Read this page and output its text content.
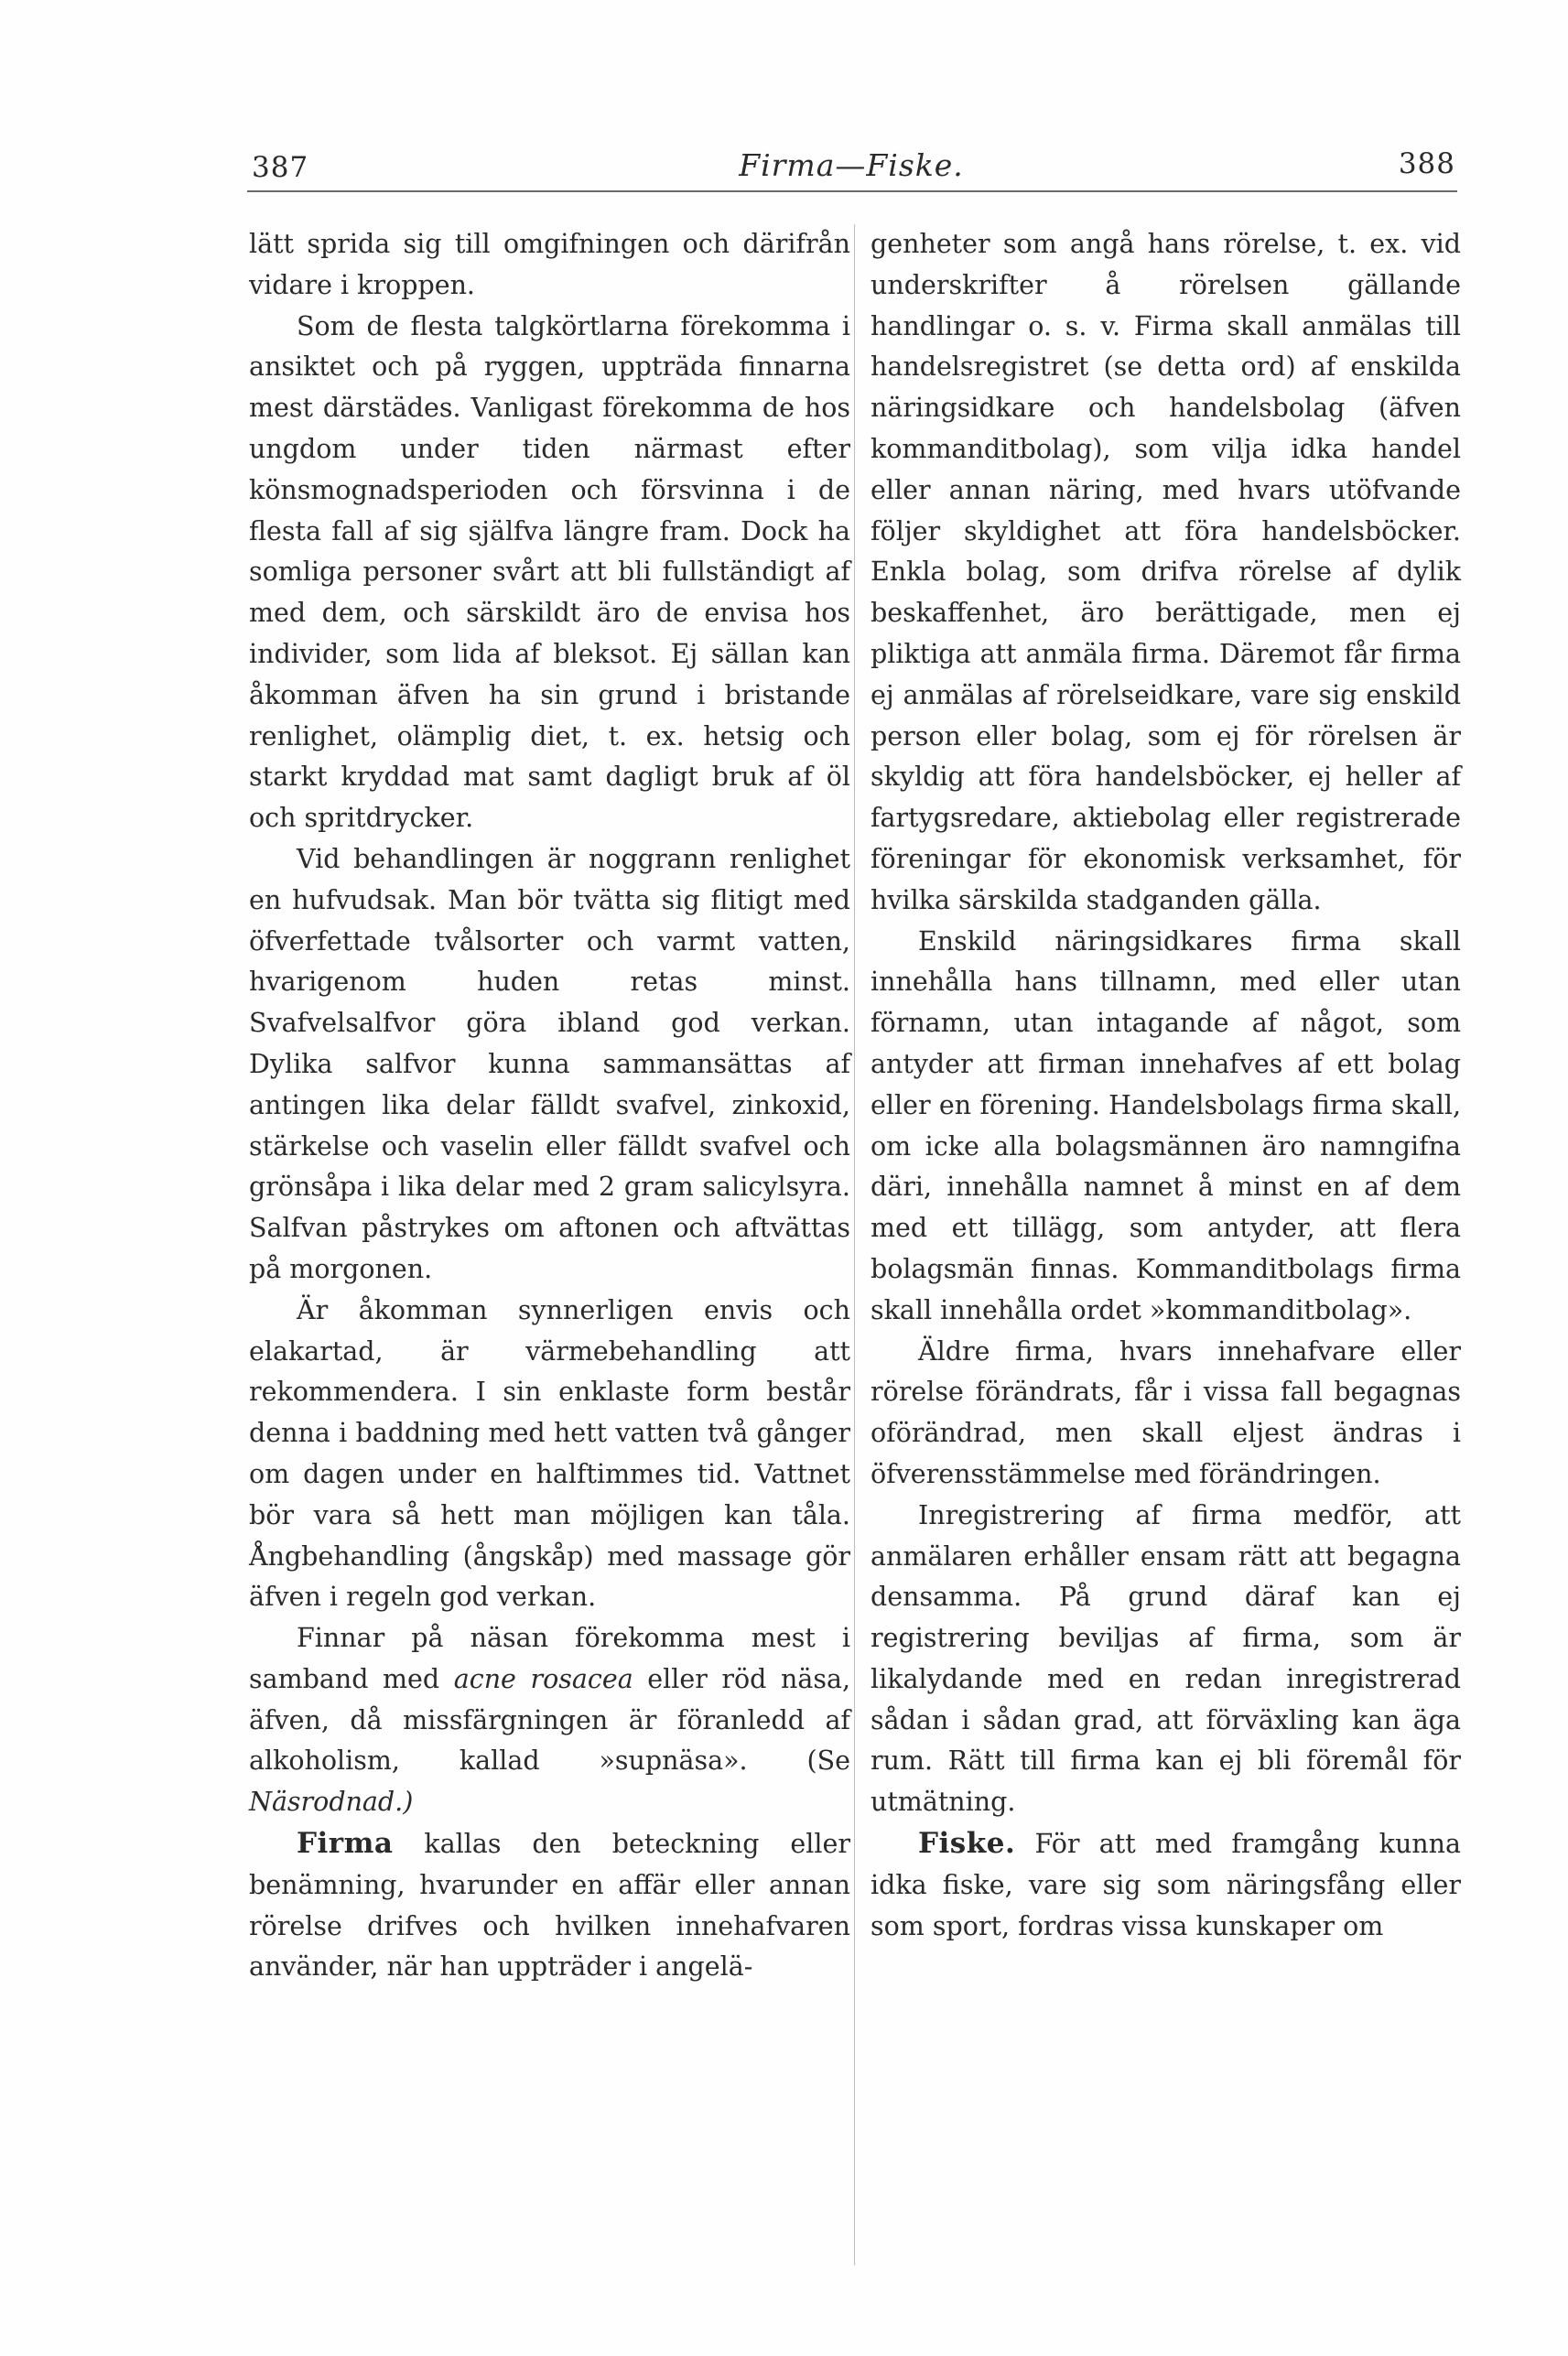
387	Firma—Fiske.	388

lätt sprida sig till omgifningen och därifrån vidare i kroppen.

Som de flesta talgkörtlarna förekomma i ansiktet och på ryggen, uppträda finnarna mest därstädes. Vanligast förekomma de hos ungdom under tiden närmast efter könsmognadsperioden och försvinna i de flesta fall af sig själfva längre fram. Dock ha somliga personer svårt att bli fullständigt af med dem, och särskildt äro de envisa hos individer, som lida af bleksot. Ej sällan kan åkomman äfven ha sin grund i bristande renlighet, olämplig diet, t. ex. hetsig och starkt kryddad mat samt dagligt bruk af öl och spritdrycker.

Vid behandlingen är noggrann renlighet en hufvudsak. Man bör tvätta sig flitigt med öfverfettade tvålsorter och varmt vatten, hvarigenom huden retas minst. Svafvelsalfvor göra ibland god verkan. Dylika salfvor kunna sammansättas af antingen lika delar fälldt svafvel, zinkoxid, stärkelse och vaselin eller fälldt svafvel och grönsåpa i lika delar med 2 gram salicylsyra. Salfvan påstrykes om aftonen och aftvättas på morgonen.

Är åkomman synnerligen envis och elakartad, är värmebehandling att rekommendera. I sin enklaste form består denna i baddning med hett vatten två gånger om dagen under en halftimmes tid. Vattnet bör vara så hett man möjligen kan tåla. Ångbehandling (ångskåp) med massage gör äfven i regeln god verkan.

Finnar på näsan förekomma mest i samband med acne rosacea eller röd näsa, äfven, då missfärgningen är föranledd af alkoholism, kallad »supnäsa». (Se Näsrodnad.)

Firma kallas den beteckning eller benämning, hvarunder en affär eller annan rörelse drifves och hvilken innehafvaren använder, när han uppträder i angelä-

genheter som angå hans rörelse, t. ex. vid underskrifter å rörelsen gällande handlingar o. s. v. Firma skall anmälas till handelsregistret (se detta ord) af enskilda näringsidkare och handelsbolag (äfven kommanditbolag), som vilja idka handel eller annan näring, med hvars utöfvande följer skyldighet att föra handelsböcker. Enkla bolag, som drifva rörelse af dylik beskaffenhet, äro berättigade, men ej pliktiga att anmäla firma. Däremot får firma ej anmälas af rörelseidkare, vare sig enskild person eller bolag, som ej för rörelsen är skyldig att föra handelsböcker, ej heller af fartygsredare, aktiebolag eller registrerade föreningar för ekonomisk verksamhet, för hvilka särskilda stadganden gälla.

Enskild näringsidkares firma skall innehålla hans tillnamn, med eller utan förnamn, utan intagande af något, som antyder att firman innehafves af ett bolag eller en förening. Handelsbolags firma skall, om icke alla bolagsmännen äro namngifna däri, innehålla namnet å minst en af dem med ett tillägg, som antyder, att flera bolagsmän finnas. Kommanditbolags firma skall innehålla ordet »kommanditbolag».

Äldre firma, hvars innehafvare eller rörelse förändrats, får i vissa fall begagnas oförändrad, men skall eljest ändras i öfverensstämmelse med förändringen.

Inregistrering af firma medför, att anmälaren erhåller ensam rätt att begagna densamma. På grund däraf kan ej registrering beviljas af firma, som är likalydande med en redan inregistrerad sådan i sådan grad, att förväxling kan äga rum. Rätt till firma kan ej bli föremål för utmätning.

Fiske. För att med framgång kunna idka fiske, vare sig som näringsfång eller som sport, fordras vissa kunskaper om
